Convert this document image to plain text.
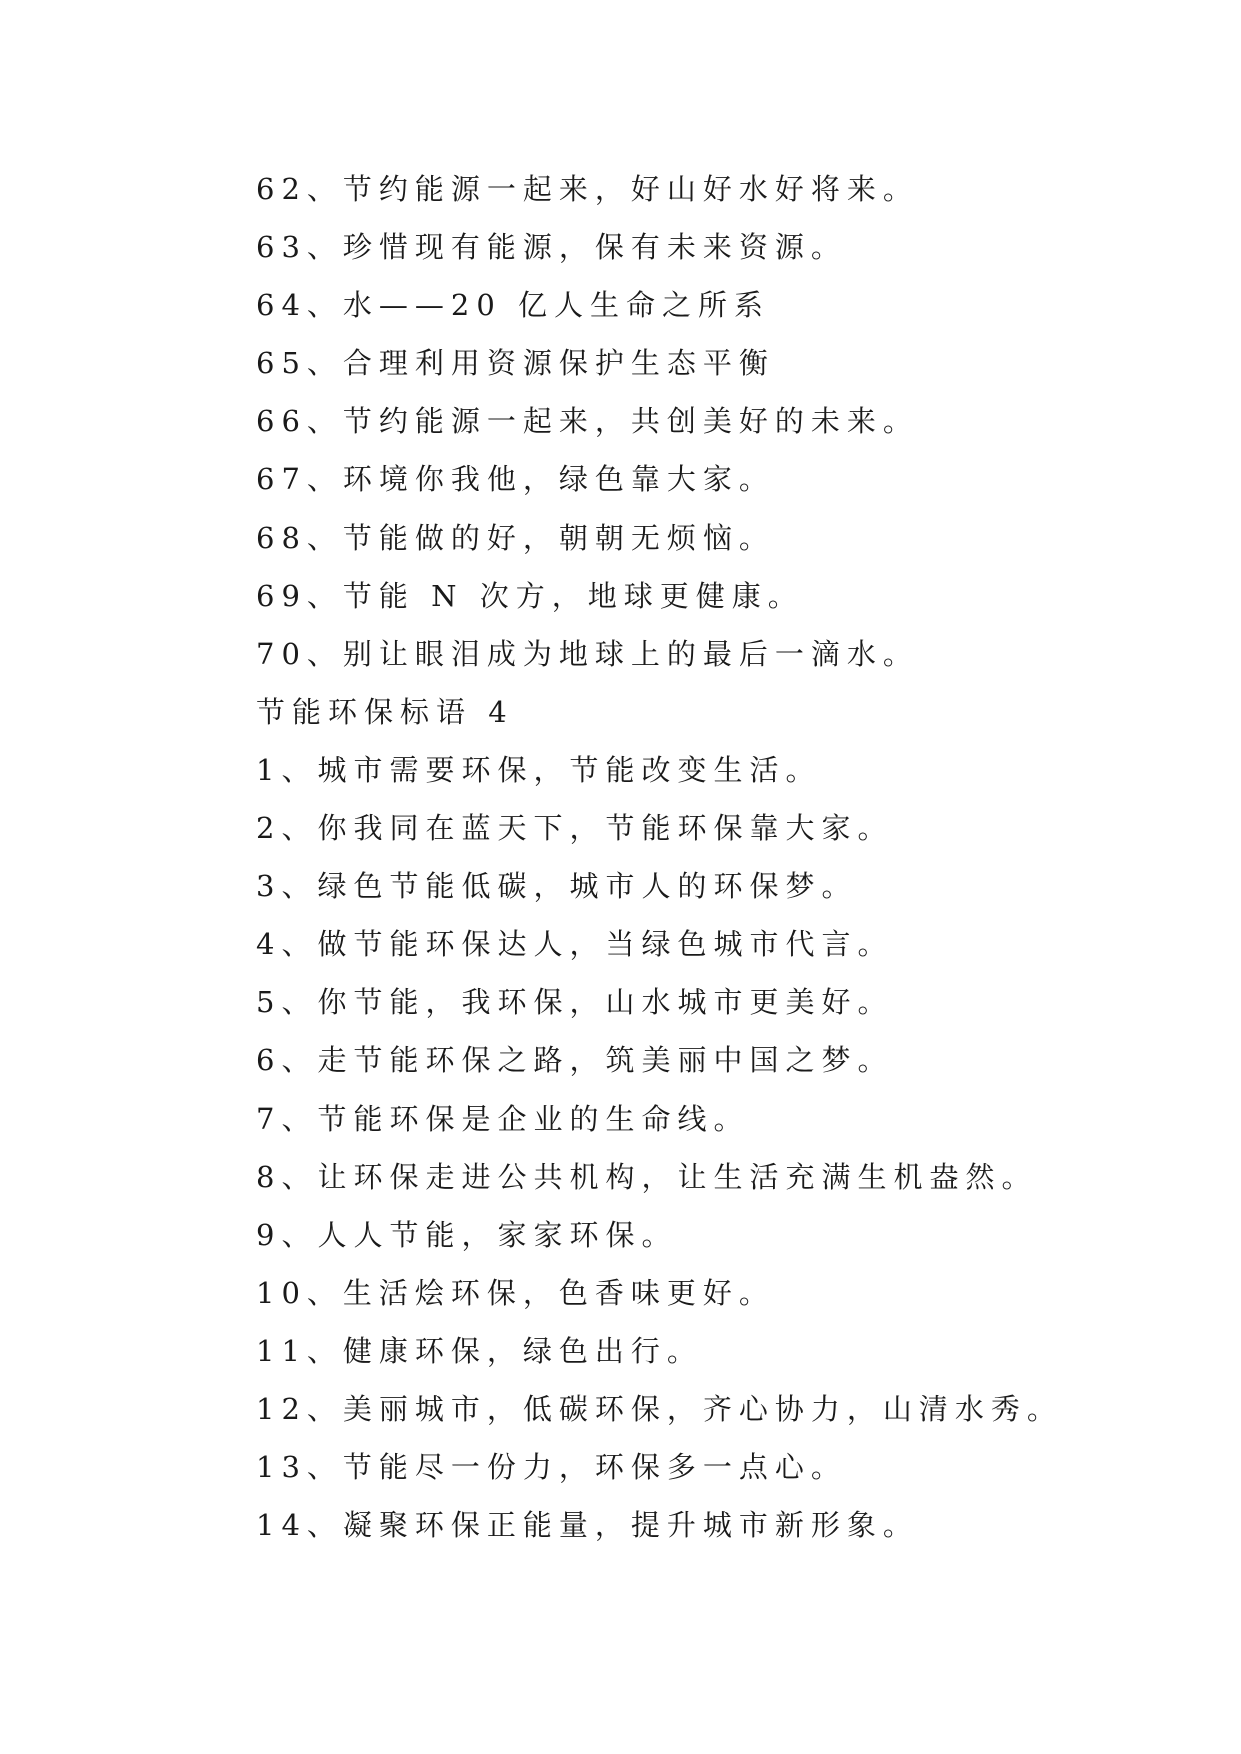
62、节约能源一起来，好山好水好将来。
63、珍惜现有能源，保有未来资源。
64、水——20 亿人生命之所系
65、合理利用资源保护生态平衡
66、节约能源一起来，共创美好的未来。
67、环境你我他，绿色靠大家。
68、节能做的好，朝朝无烦恼。
69、节能 N 次方，地球更健康。
70、别让眼泪成为地球上的最后一滴水。
节能环保标语 4
1、城市需要环保，节能改变生活。
2、你我同在蓝天下，节能环保靠大家。
3、绿色节能低碳，城市人的环保梦。
4、做节能环保达人，当绿色城市代言。
5、你节能，我环保，山水城市更美好。
6、走节能环保之路，筑美丽中国之梦。
7、节能环保是企业的生命线。
8、让环保走进公共机构，让生活充满生机盎然。
9、人人节能，家家环保。
10、生活烩环保，色香味更好。
11、健康环保，绿色出行。
12、美丽城市，低碳环保，齐心协力，山清水秀。
13、节能尽一份力，环保多一点心。
14、凝聚环保正能量，提升城市新形象。
